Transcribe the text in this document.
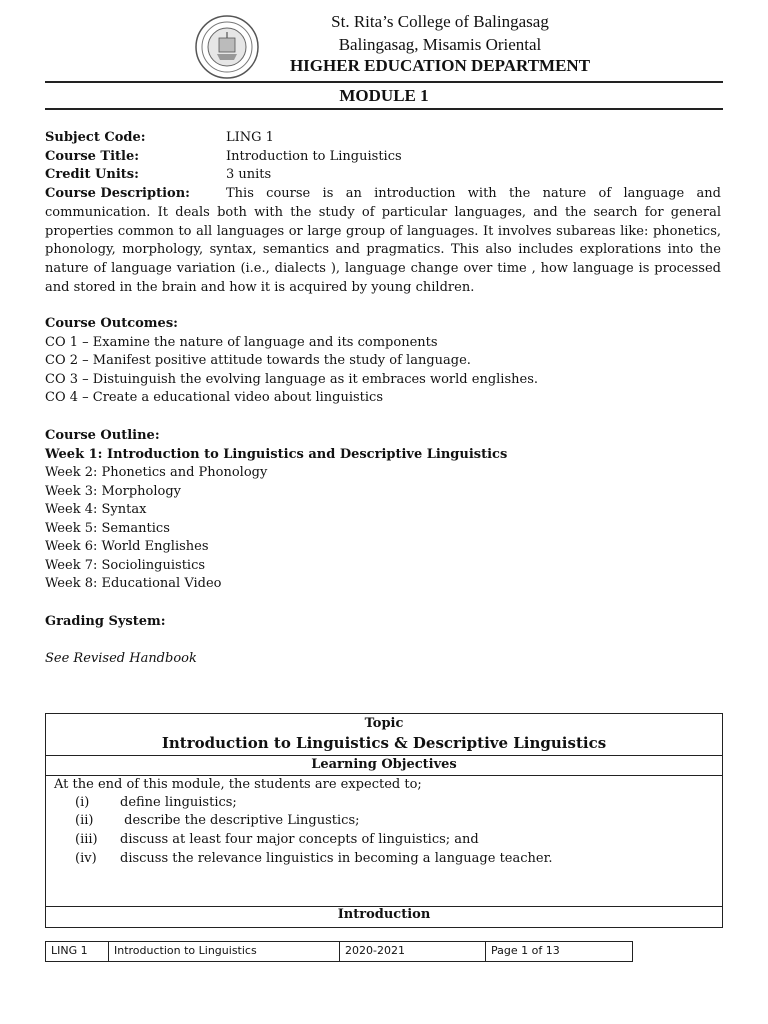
St. Rita’s College of Balingasag
Balingasag, Misamis Oriental
HIGHER EDUCATION DEPARTMENT
MODULE 1
Subject Code:	LING 1
Course Title:	Introduction to Linguistics
Credit Units:	3 units
Course Description:	This course is an introduction with the nature of language and communication. It deals both with the study of particular languages, and the search for general properties common to all languages or large group of languages. It involves subareas like: phonetics, phonology, morphology, syntax, semantics and pragmatics. This also includes explorations into the nature of language variation (i.e., dialects ), language change over time , how language is processed and stored in the brain and how it is acquired by young children.
Course Outcomes:
CO 1 – Examine the nature of language and its components
CO 2 – Manifest positive attitude towards the study of language.
CO 3 – Distuinguish the evolving language as it embraces world englishes.
CO 4 – Create a educational video about linguistics
Course Outline:
Week 1: Introduction to Linguistics and Descriptive Linguistics
Week 2: Phonetics and Phonology
Week 3: Morphology
Week 4: Syntax
Week 5: Semantics
Week 6: World Englishes
Week 7: Sociolinguistics
Week 8: Educational Video
Grading System:
See Revised Handbook
Topic
Introduction to Linguistics & Descriptive Linguistics
Learning Objectives
At the end of this module, the students are expected to;
(i) define linguistics;
(ii) describe the descriptive Lingustics;
(iii) discuss at least four major concepts of linguistics; and
(iv) discuss the relevance linguistics in becoming a language teacher.
Introduction
LING 1	Introduction to Linguistics	2020-2021	Page 1 of 13
